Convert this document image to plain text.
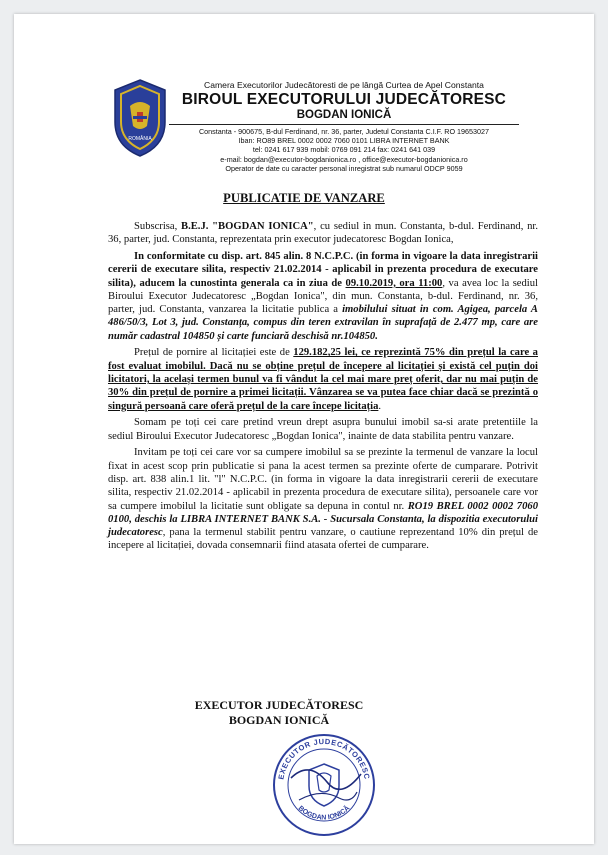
ROMÂNIA
Camera Executorilor Judecătoresti de pe lângă Curtea de Apel Constanta
BIROUL EXECUTORULUI JUDECĂTORESC
BOGDAN IONICĂ
Constanta - 900675, B-dul Ferdinand, nr. 36, parter, Judetul Constanta C.I.F. RO 19653027
Iban: RO89 BREL 0002 0002 7060 0101 LIBRA INTERNET BANK
tel: 0241 617 939 mobil: 0769 091 214 fax: 0241 641 039
e-mail: bogdan@executor-bogdanionica.ro , office@executor-bogdanionica.ro
Operator de date cu caracter personal inregistrat sub numarul ODCP 9059
PUBLICATIE DE VANZARE

Subscrisa, B.E.J. "BOGDAN IONICA", cu sediul in mun. Constanta, b-dul. Ferdinand, nr. 36, parter, jud. Constanta, reprezentata prin executor judecatoresc Bogdan Ionica,

In conformitate cu disp. art. 845 alin. 8 N.C.P.C. (in forma in vigoare la data inregistrarii cererii de executare silita, respectiv 21.02.2014 - aplicabil in prezenta procedura de executare silita), aducem la cunostinta generala ca in ziua de 09.10.2019, ora 11:00, va avea loc la sediul Biroului Executor Judecatoresc „Bogdan Ionica", din mun. Constanta, b-dul. Ferdinand, nr. 36, parter, jud. Constanta, vanzarea la licitatie publica a imobilului situat in com. Agigea, parcela A 486/50/3, Lot 3, jud. Constanța, compus din teren extravilan în suprafață de 2.477 mp, care are număr cadastral 104850 și carte funciară deschisă nr.104850.

Prețul de pornire al licitației este de 129.182,25 lei, ce reprezintă 75% din prețul la care a fost evaluat imobilul. Dacă nu se obține prețul de începere al licitației și există cel puțin doi licitatori, la același termen bunul va fi vândut la cel mai mare preț oferit, dar nu mai puțin de 30% din prețul de pornire a primei licitații. Vânzarea se va putea face chiar dacă se prezintă o singură persoană care oferă prețul de la care începe licitația.

Somam pe toți cei care pretind vreun drept asupra bunului imobil sa-si arate pretentiile la sediul Biroului Executor Judecatoresc „Bogdan Ionica", inainte de data stabilita pentru vanzare.

Invitam pe toți cei care vor sa cumpere imobilul sa se prezinte la termenul de vanzare la locul fixat in acest scop prin publicatie si pana la acest termen sa prezinte oferte de cumparare. Potrivit disp. art. 838 alin.1 lit. "l" N.C.P.C. (in forma in vigoare la data inregistrarii cererii de executare silita, respectiv 21.02.2014 - aplicabil in prezenta procedura de executare silita), persoanele care vor sa cumpere imobilul la licitatie sunt obligate sa depuna in contul nr. RO19 BREL 0002 0002 7060 0100, deschis la LIBRA INTERNET BANK S.A. - Sucursala Constanta, la dispozitia executorului judecatoresc, pana la termenul stabilit pentru vanzare, o cautiune reprezentand 10% din prețul de incepere al licitației, dovada consemnarii fiind atasata ofertei de cumparare.

EXECUTOR JUDECĂTORESC
BOGDAN IONICĂ
EXECUTOR JUDECĂTORESC
BOGDAN IONICĂ
